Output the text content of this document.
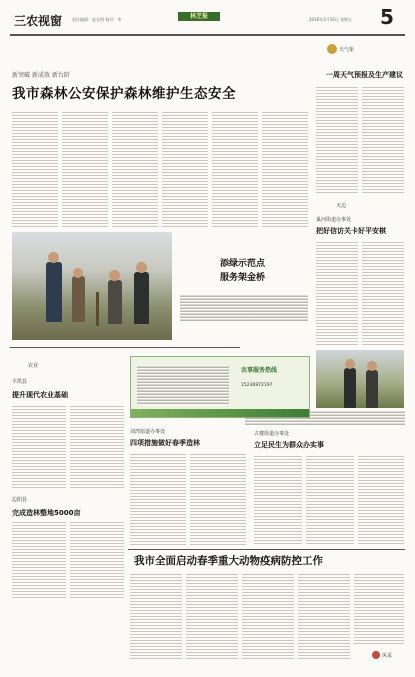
三农视窗 责任编辑：赵长明 校对：李	林芝报	2018年3月16日 星期五 5
新突破 新成效 新台阶
我市森林公安保护森林维护生态安全
添绿示范点
服务架金桥
天气象
一周天气预报及生产建议
天边
巢河街道办事处
把好信访关卡好平安棋
古楼街道办事处
立足民生为群众办实事
农业
平凯县
提升现代农业基础
农事服务热线
15236972197
刘湾街道办事处
四项措施做好春季造林
边阳县
完成造林整地5000亩
我市全面启动春季重大动物疫病防控工作
风采
